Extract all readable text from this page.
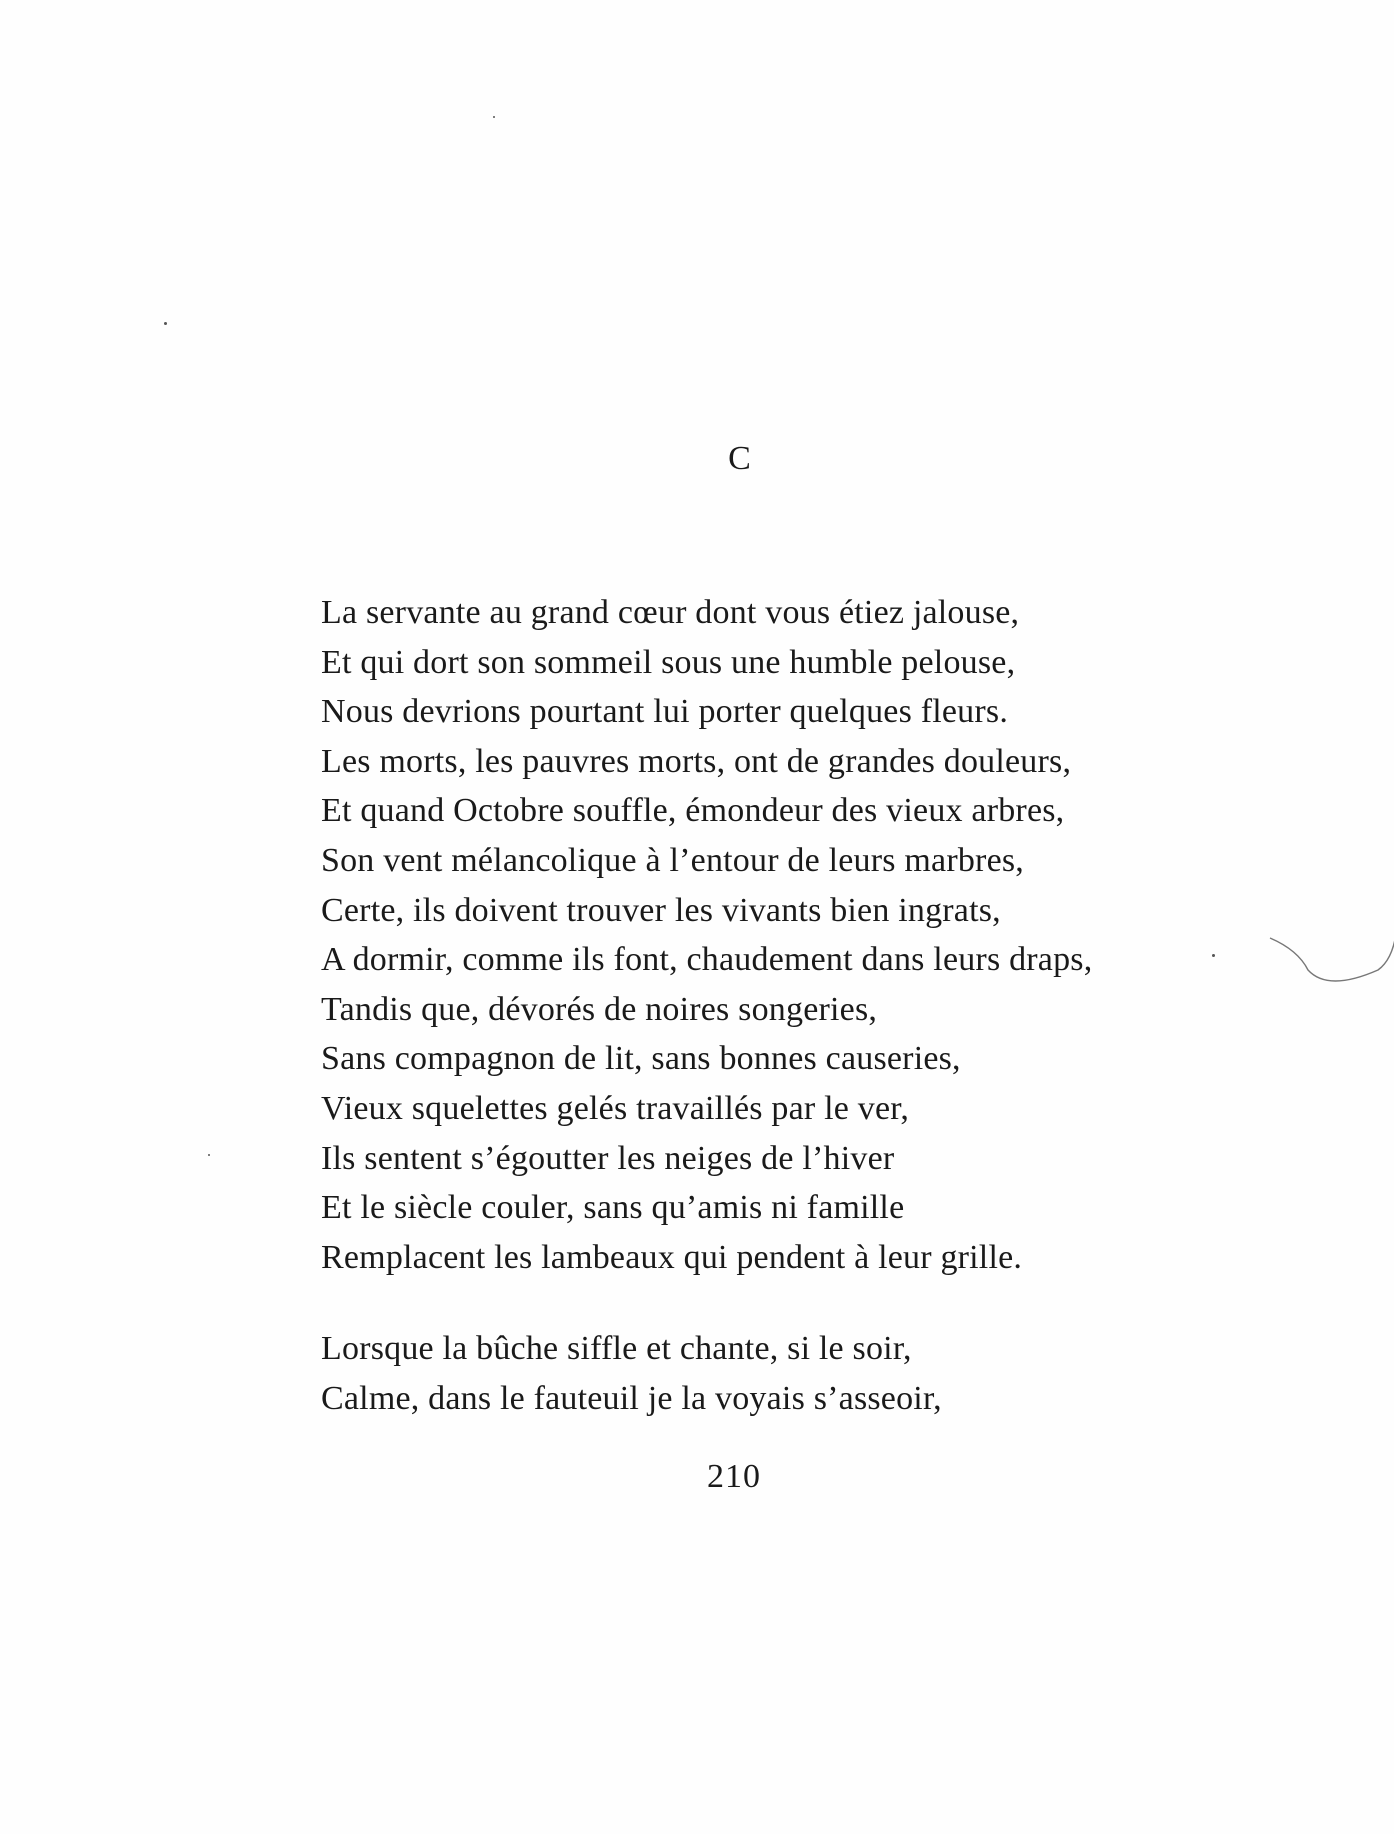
C
La servante au grand cœur dont vous étiez jalouse,
Et qui dort son sommeil sous une humble pelouse,
Nous devrions pourtant lui porter quelques fleurs.
Les morts, les pauvres morts, ont de grandes douleurs,
Et quand Octobre souffle, émondeur des vieux arbres,
Son vent mélancolique à l’entour de leurs marbres,
Certe, ils doivent trouver les vivants bien ingrats,
A dormir, comme ils font, chaudement dans leurs draps,
Tandis que, dévorés de noires songeries,
Sans compagnon de lit, sans bonnes causeries,
Vieux squelettes gelés travaillés par le ver,
Ils sentent s’égoutter les neiges de l’hiver
Et le siècle couler, sans qu’amis ni famille
Remplacent les lambeaux qui pendent à leur grille.
Lorsque la bûche siffle et chante, si le soir,
Calme, dans le fauteuil je la voyais s’asseoir,
210
